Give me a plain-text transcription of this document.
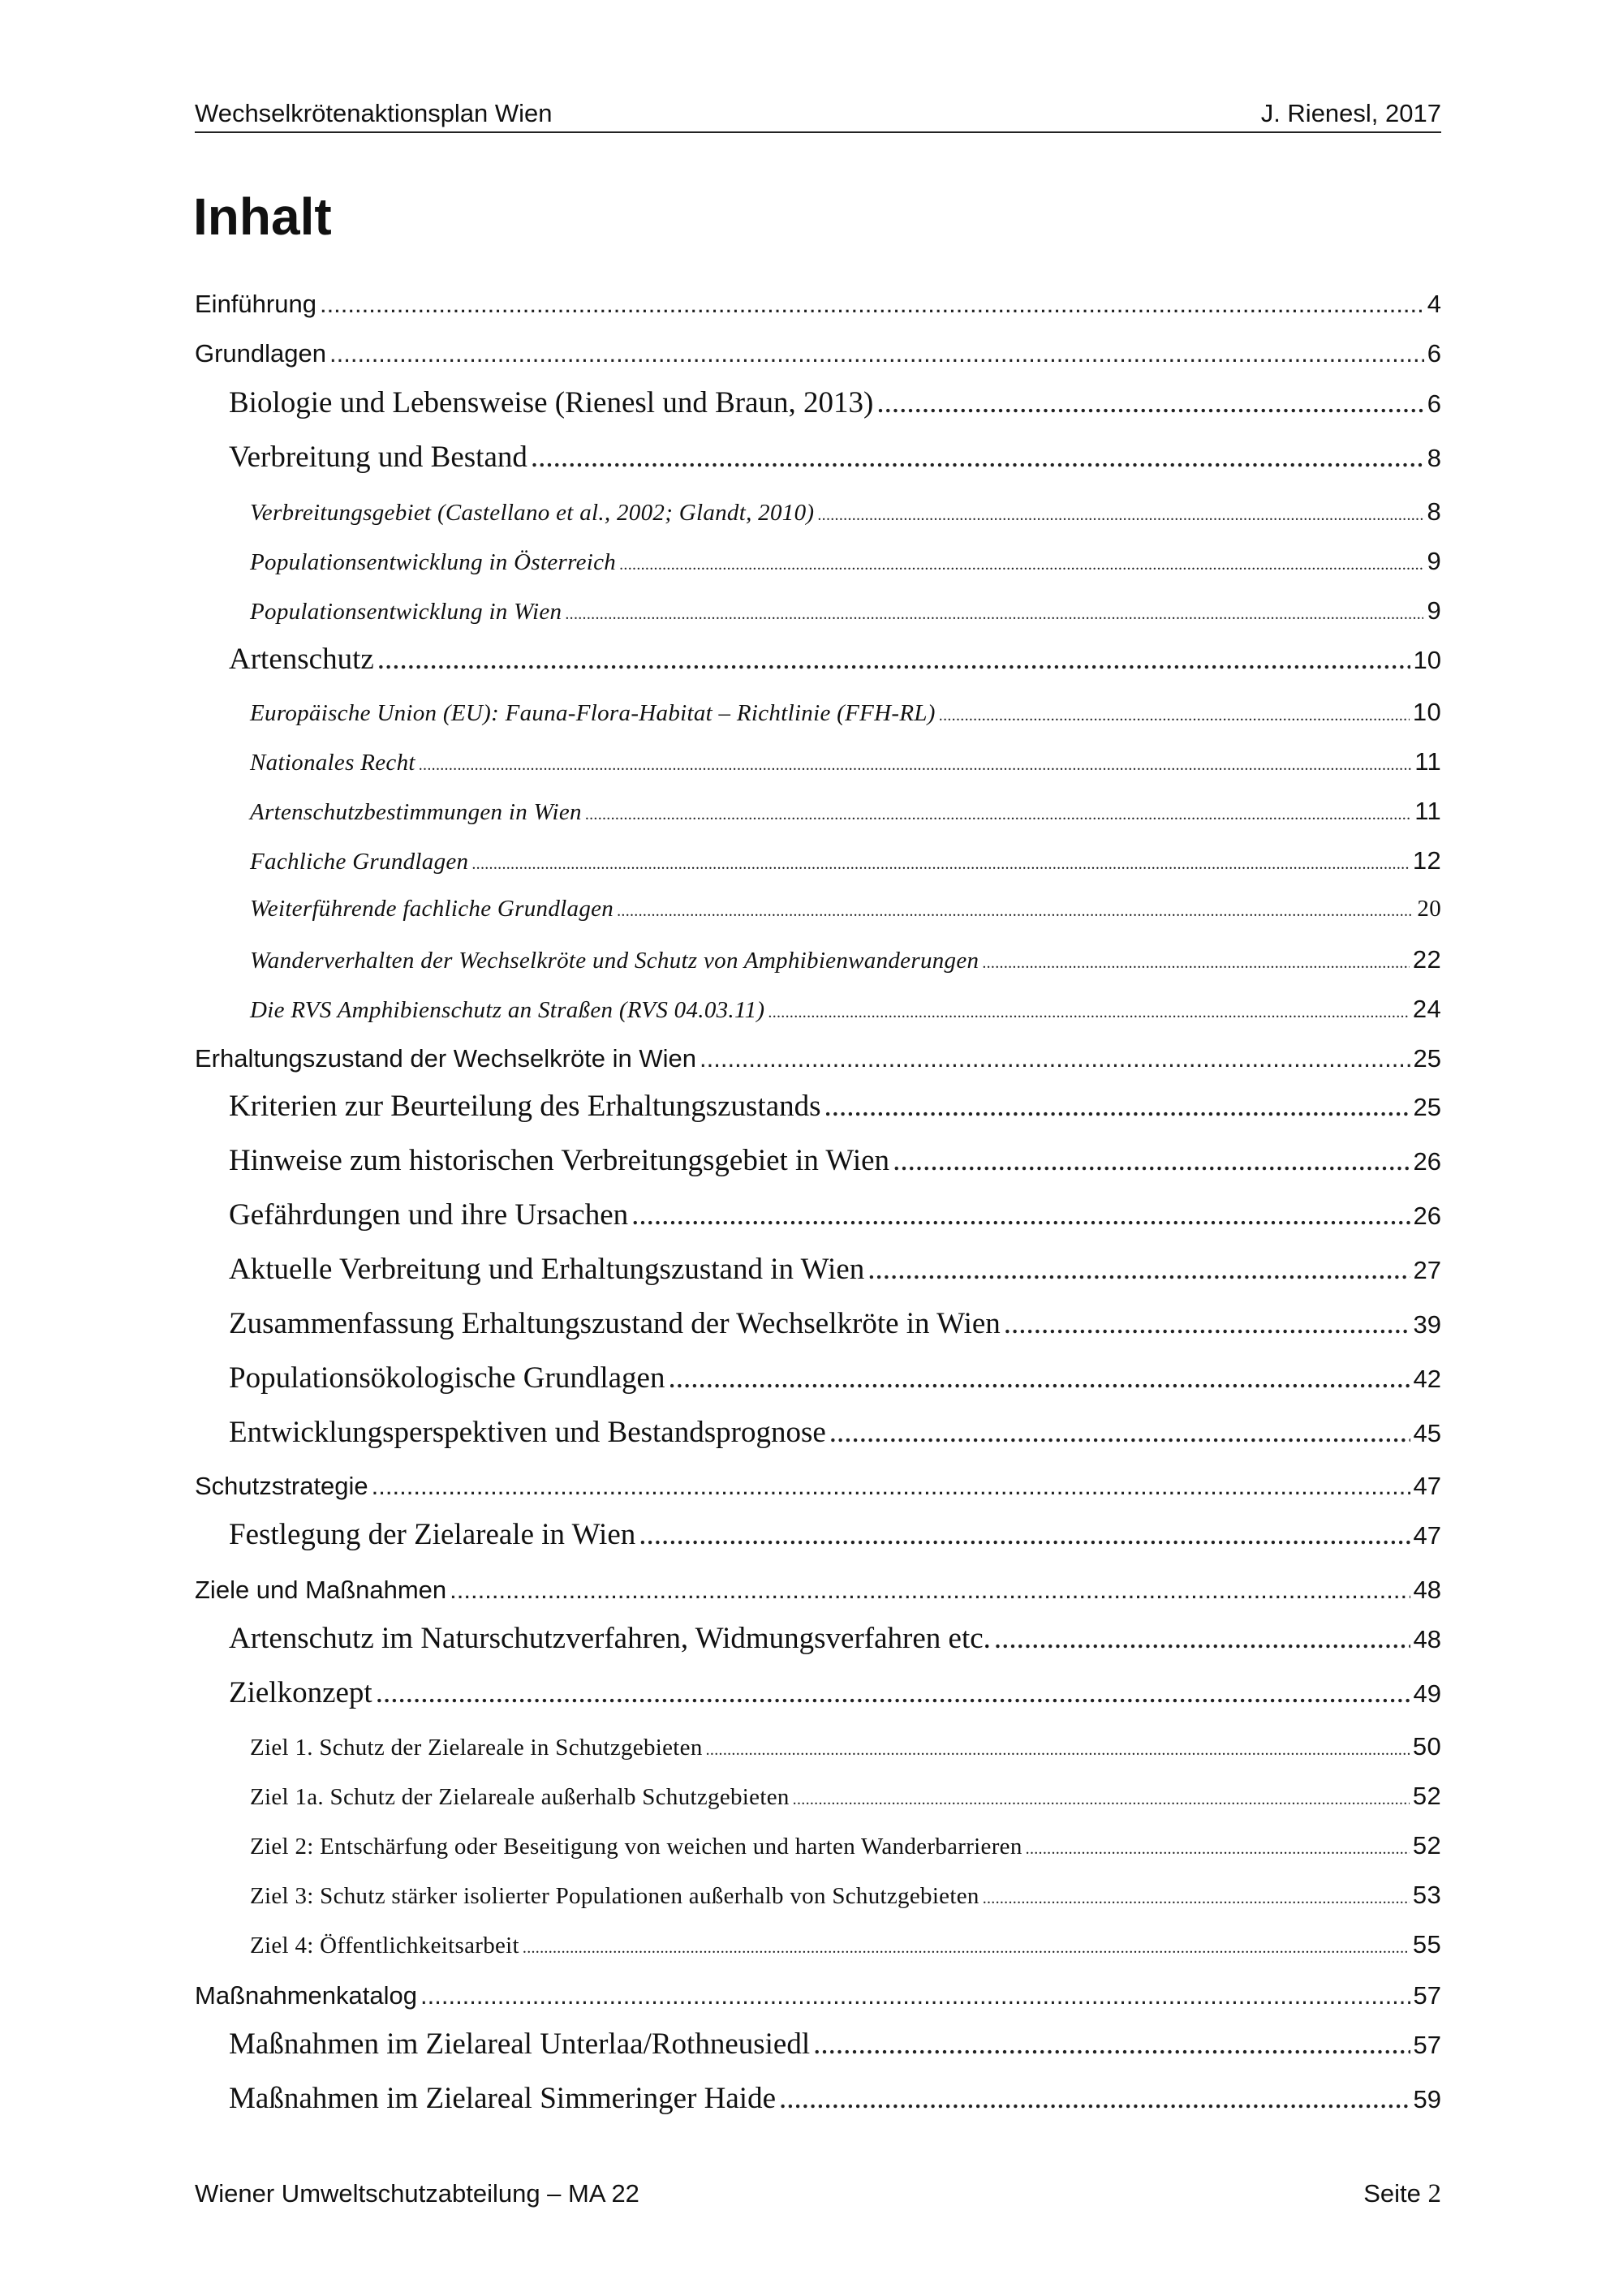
Wechselkrötenaktionsplan Wien	J. Rienesl, 2017
Inhalt
Einführung .....	4
Grundlagen .....	6
Biologie und Lebensweise (Rienesl und Braun, 2013) .....	6
Verbreitung und Bestand .....	8
Verbreitungsgebiet (Castellano et al., 2002; Glandt, 2010) .....	8
Populationsentwicklung in Österreich .....	9
Populationsentwicklung in Wien .....	9
Artenschutz .....	10
Europäische Union (EU): Fauna-Flora-Habitat – Richtlinie (FFH-RL) .....	10
Nationales Recht .....	11
Artenschutzbestimmungen in Wien .....	11
Fachliche Grundlagen .....	12
Weiterführende fachliche Grundlagen .....	20
Wanderverhalten der Wechselkröte und Schutz von Amphibienwanderungen .....	22
Die RVS Amphibienschutz an Straßen (RVS 04.03.11) .....	24
Erhaltungszustand der Wechselkröte in Wien .....	25
Kriterien zur Beurteilung des Erhaltungszustands .....	25
Hinweise zum historischen Verbreitungsgebiet in Wien .....	26
Gefährdungen und ihre Ursachen .....	26
Aktuelle Verbreitung und Erhaltungszustand in Wien .....	27
Zusammenfassung Erhaltungszustand der Wechselkröte in Wien .....	39
Populationsökologische Grundlagen .....	42
Entwicklungsperspektiven und Bestandsprognose .....	45
Schutzstrategie .....	47
Festlegung der Zielareale in Wien .....	47
Ziele und Maßnahmen .....	48
Artenschutz im Naturschutzverfahren, Widmungsverfahren etc. .....	48
Zielkonzept .....	49
Ziel 1. Schutz der Zielareale in Schutzgebieten .....	50
Ziel 1a. Schutz der Zielareale außerhalb Schutzgebieten .....	52
Ziel 2: Entschärfung oder Beseitigung von weichen und harten Wanderbarrieren .....	52
Ziel 3: Schutz stärker isolierter Populationen außerhalb von Schutzgebieten .....	53
Ziel 4: Öffentlichkeitsarbeit .....	55
Maßnahmenkatalog .....	57
Maßnahmen im Zielareal Unterlaa/Rothneusiedl .....	57
Maßnahmen im Zielareal Simmeringer Haide .....	59
Wiener Umweltschutzabteilung – MA 22	Seite 2
